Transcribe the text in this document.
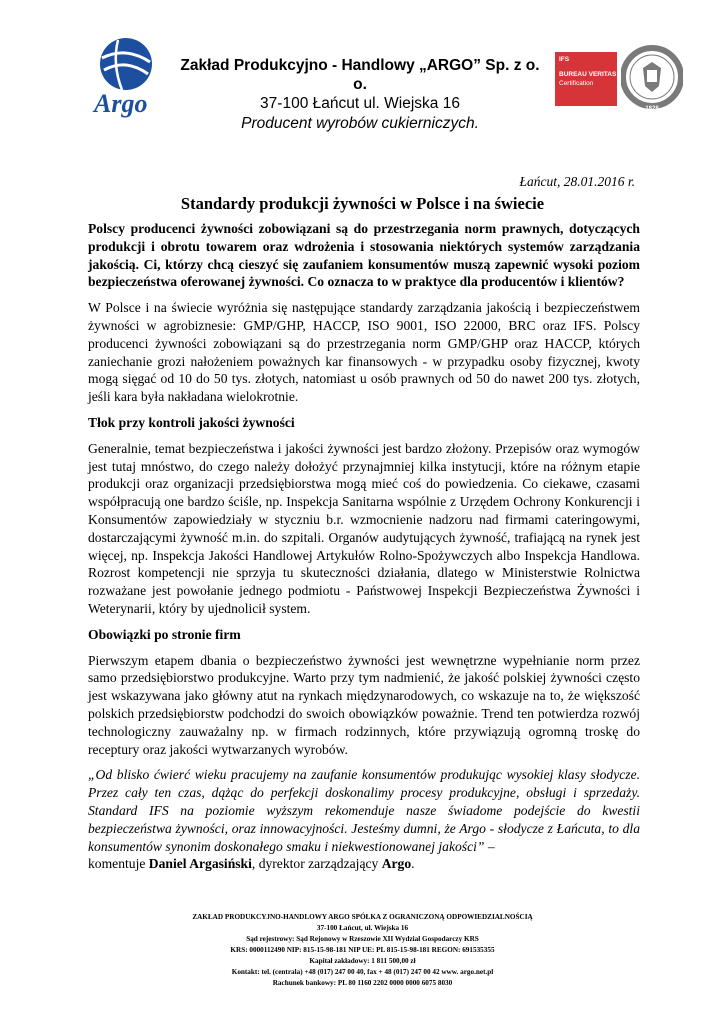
Argo
Zakład Produkcyjno - Handlowy „ARGO” Sp. z o. o.
37-100 Łańcut ul. Wiejska 16
Producent wyrobów cukierniczych.
IFS
BUREAU VERITAS
Certification
1828
Łańcut, 28.01.2016 r.
Standardy produkcji żywności w Polsce i na świecie

Polscy producenci żywności zobowiązani są do przestrzegania norm prawnych, dotyczących produkcji i obrotu towarem oraz wdrożenia i stosowania niektórych systemów zarządzania jakością. Ci, którzy chcą cieszyć się zaufaniem konsumentów muszą zapewnić wysoki poziom bezpieczeństwa oferowanej żywności. Co oznacza to w praktyce dla producentów i klientów?

W Polsce i na świecie wyróżnia się następujące standardy zarządzania jakością i bezpieczeństwem żywności w agrobiznesie: GMP/GHP, HACCP, ISO 9001, ISO 22000, BRC oraz IFS. Polscy producenci żywności zobowiązani są do przestrzegania norm GMP/GHP oraz HACCP, których zaniechanie grozi nałożeniem poważnych kar finansowych - w przypadku osoby fizycznej, kwoty mogą sięgać od 10 do 50 tys. złotych, natomiast u osób prawnych od 50 do nawet 200 tys. złotych, jeśli kara była nakładana wielokrotnie.

Tłok przy kontroli jakości żywności

Generalnie, temat bezpieczeństwa i jakości żywności jest bardzo złożony. Przepisów oraz wymogów jest tutaj mnóstwo, do czego należy dołożyć przynajmniej kilka instytucji, które na różnym etapie produkcji oraz organizacji przedsiębiorstwa mogą mieć coś do powiedzenia. Co ciekawe, czasami współpracują one bardzo ściśle, np. Inspekcja Sanitarna wspólnie z Urzędem Ochrony Konkurencji i Konsumentów zapowiedziały w styczniu b.r. wzmocnienie nadzoru nad firmami cateringowymi, dostarczającymi żywność m.in. do szpitali. Organów audytujących żywność, trafiającą na rynek jest więcej, np. Inspekcja Jakości Handlowej Artykułów Rolno-Spożywczych albo Inspekcja Handlowa. Rozrost kompetencji nie sprzyja tu skuteczności działania, dlatego w Ministerstwie Rolnictwa rozważane jest powołanie jednego podmiotu - Państwowej Inspekcji Bezpieczeństwa Żywności i Weterynarii, który by ujednolicił system.

Obowiązki po stronie firm

Pierwszym etapem dbania o bezpieczeństwo żywności jest wewnętrzne wypełnianie norm przez samo przedsiębiorstwo produkcyjne. Warto przy tym nadmienić, że jakość polskiej żywności często jest wskazywana jako główny atut na rynkach międzynarodowych, co wskazuje na to, że większość polskich przedsiębiorstw podchodzi do swoich obowiązków poważnie. Trend ten potwierdza rozwój technologiczny zauważalny np. w firmach rodzinnych, które przywiązują ogromną troskę do receptury oraz jakości wytwarzanych wyrobów.

„Od blisko ćwierć wieku pracujemy na zaufanie konsumentów produkując wysokiej klasy słodycze. Przez cały ten czas, dążąc do perfekcji doskonalimy procesy produkcyjne, obsługi i sprzedaży. Standard IFS na poziomie wyższym rekomenduje nasze świadome podejście do kwestii bezpieczeństwa żywności, oraz innowacyjności. Jesteśmy dumni, że Argo - słodycze z Łańcuta, to dla konsumentów synonim doskonałego smaku i niekwestionowanej jakości” –

komentuje Daniel Argasiński, dyrektor zarządzający Argo.

ZAKŁAD PRODUKCYJNO-HANDLOWY ARGO SPÓŁKA Z OGRANICZONĄ ODPOWIEDZIALNOŚCIĄ
37-100 Łańcut, ul. Wiejska 16
Sąd rejestrowy: Sąd Rejonowy w Rzeszowie XII Wydział Gospodarczy KRS
KRS: 0000112490 NIP: 815-15-98-181 NIP UE: PL 815-15-98-181 REGON: 691535355
Kapitał zakładowy: 1 811 500,00 zł
Kontakt: tel. (centrala) +48 (017) 247 00 40, fax + 48 (017) 247 00 42 www. argo.net.pl
Rachunek bankowy: PL 80 1160 2202 0000 0000 6075 8030
